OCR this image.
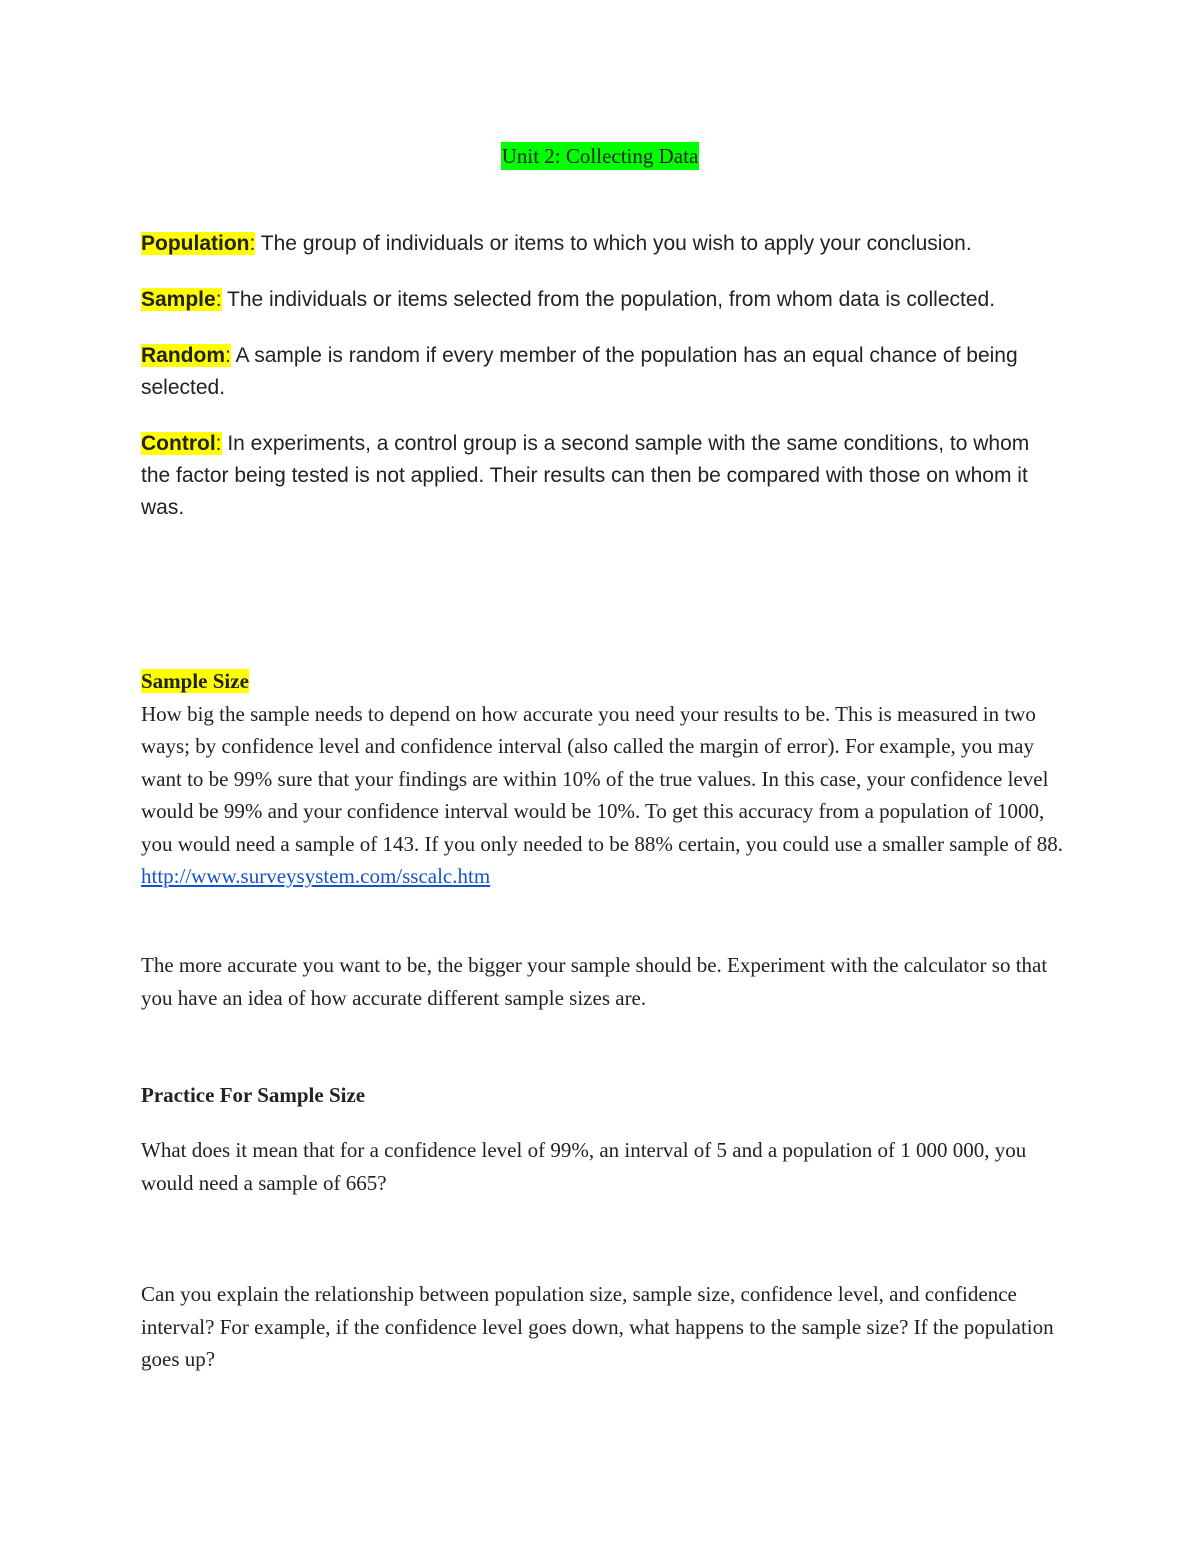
Unit 2: Collecting Data

Population: The group of individuals or items to which you wish to apply your conclusion.

Sample: The individuals or items selected from the population, from whom data is collected.

Random: A sample is random if every member of the population has an equal chance of being selected.

Control: In experiments, a control group is a second sample with the same conditions, to whom the factor being tested is not applied. Their results can then be compared with those on whom it was.

Sample Size

How big the sample needs to depend on how accurate you need your results to be. This is measured in two ways; by confidence level and confidence interval (also called the margin of error). For example, you may want to be 99% sure that your findings are within 10% of the true values. In this case, your confidence level would be 99% and your confidence interval would be 10%. To get this accuracy from a population of 1000, you would need a sample of 143. If you only needed to be 88% certain, you could use a smaller sample of 88.
http://www.surveysystem.com/sscalc.htm

The more accurate you want to be, the bigger your sample should be. Experiment with the calculator so that you have an idea of how accurate different sample sizes are.

Practice For Sample Size

What does it mean that for a confidence level of 99%, an interval of 5 and a population of 1 000 000, you would need a sample of 665?

Can you explain the relationship between population size, sample size, confidence level, and confidence interval? For example, if the confidence level goes down, what happens to the sample size? If the population goes up?
